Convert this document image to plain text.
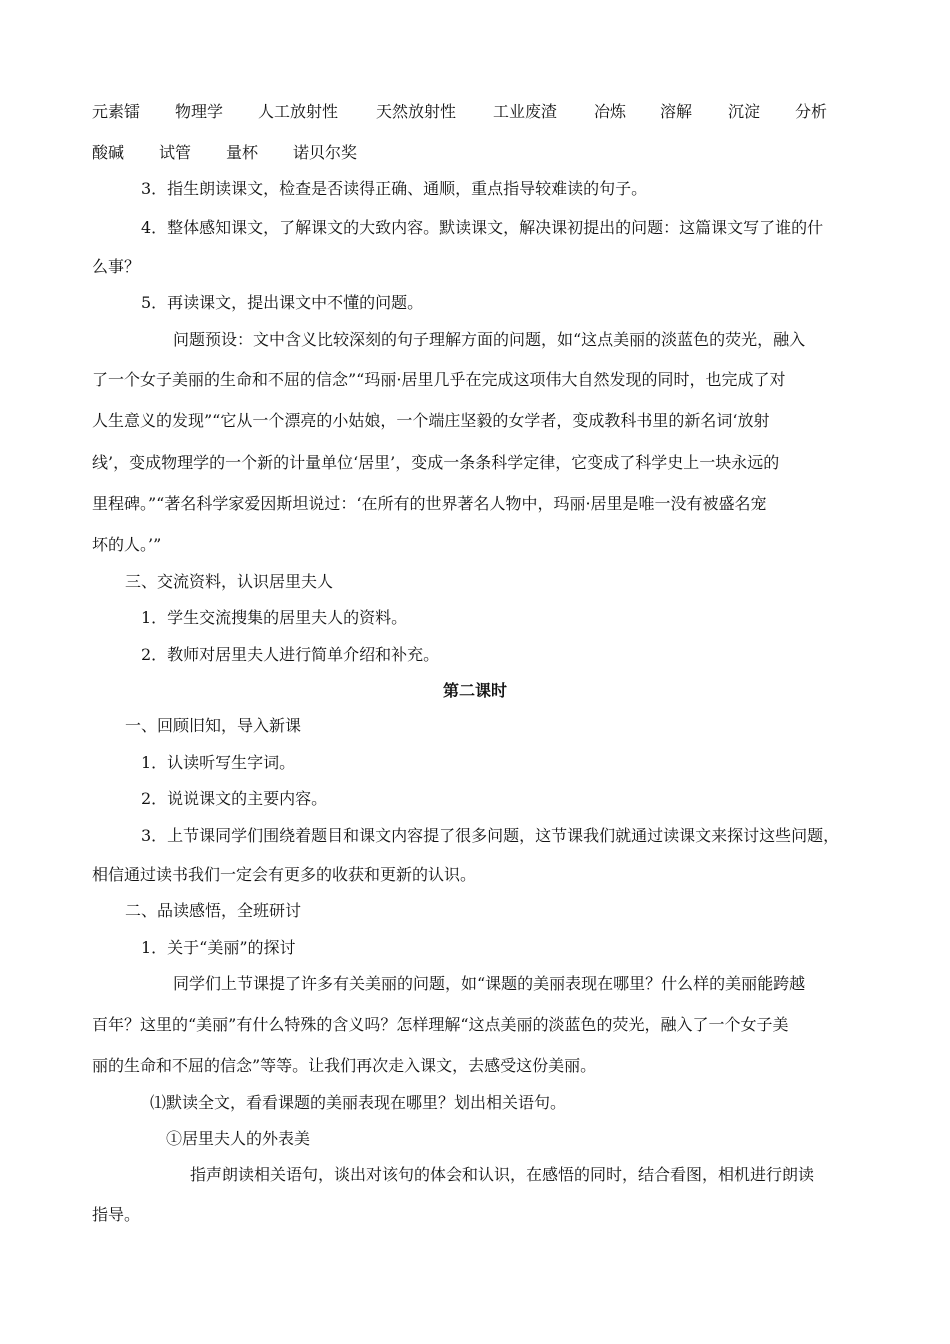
元素镭 物理学 人工放射性 天然放射性 工业废渣 冶炼 溶解 沉淀 分析
酸碱 试管 量杯 诺贝尔奖
3．指生朗读课文，检查是否读得正确、通顺，重点指导较难读的句子。
4．整体感知课文，了解课文的大致内容。默读课文，解决课初提出的问题：这篇课文写了谁的什
么事？
5．再读课文，提出课文中不懂的问题。
问题预设：文中含义比较深刻的句子理解方面的问题，如“这点美丽的淡蓝色的荧光，融入
了一个女子美丽的生命和不屈的信念”“玛丽·居里几乎在完成这项伟大自然发现的同时，也完成了对
人生意义的发现”“它从一个漂亮的小姑娘，一个端庄坚毅的女学者，变成教科书里的新名词‘放射
线’，变成物理学的一个新的计量单位‘居里’，变成一条条科学定律，它变成了科学史上一块永远的
里程碑。”“著名科学家爱因斯坦说过：‘在所有的世界著名人物中，玛丽·居里是唯一没有被盛名宠
坏的人。’”
三、交流资料，认识居里夫人
1．学生交流搜集的居里夫人的资料。
2．教师对居里夫人进行简单介绍和补充。
第二课时
一、回顾旧知，导入新课
1．认读听写生字词。
2．说说课文的主要内容。
3．上节课同学们围绕着题目和课文内容提了很多问题，这节课我们就通过读课文来探讨这些问题，
相信通过读书我们一定会有更多的收获和更新的认识。
二、品读感悟，全班研讨
1．关于“美丽”的探讨
同学们上节课提了许多有关美丽的问题，如“课题的美丽表现在哪里？什么样的美丽能跨越
百年？这里的“美丽”有什么特殊的含义吗？怎样理解“这点美丽的淡蓝色的荧光，融入了一个女子美
丽的生命和不屈的信念”等等。让我们再次走入课文，去感受这份美丽。
⑴默读全文，看看课题的美丽表现在哪里？划出相关语句。
①居里夫人的外表美
指声朗读相关语句，谈出对该句的体会和认识，在感悟的同时，结合看图，相机进行朗读
指导。
